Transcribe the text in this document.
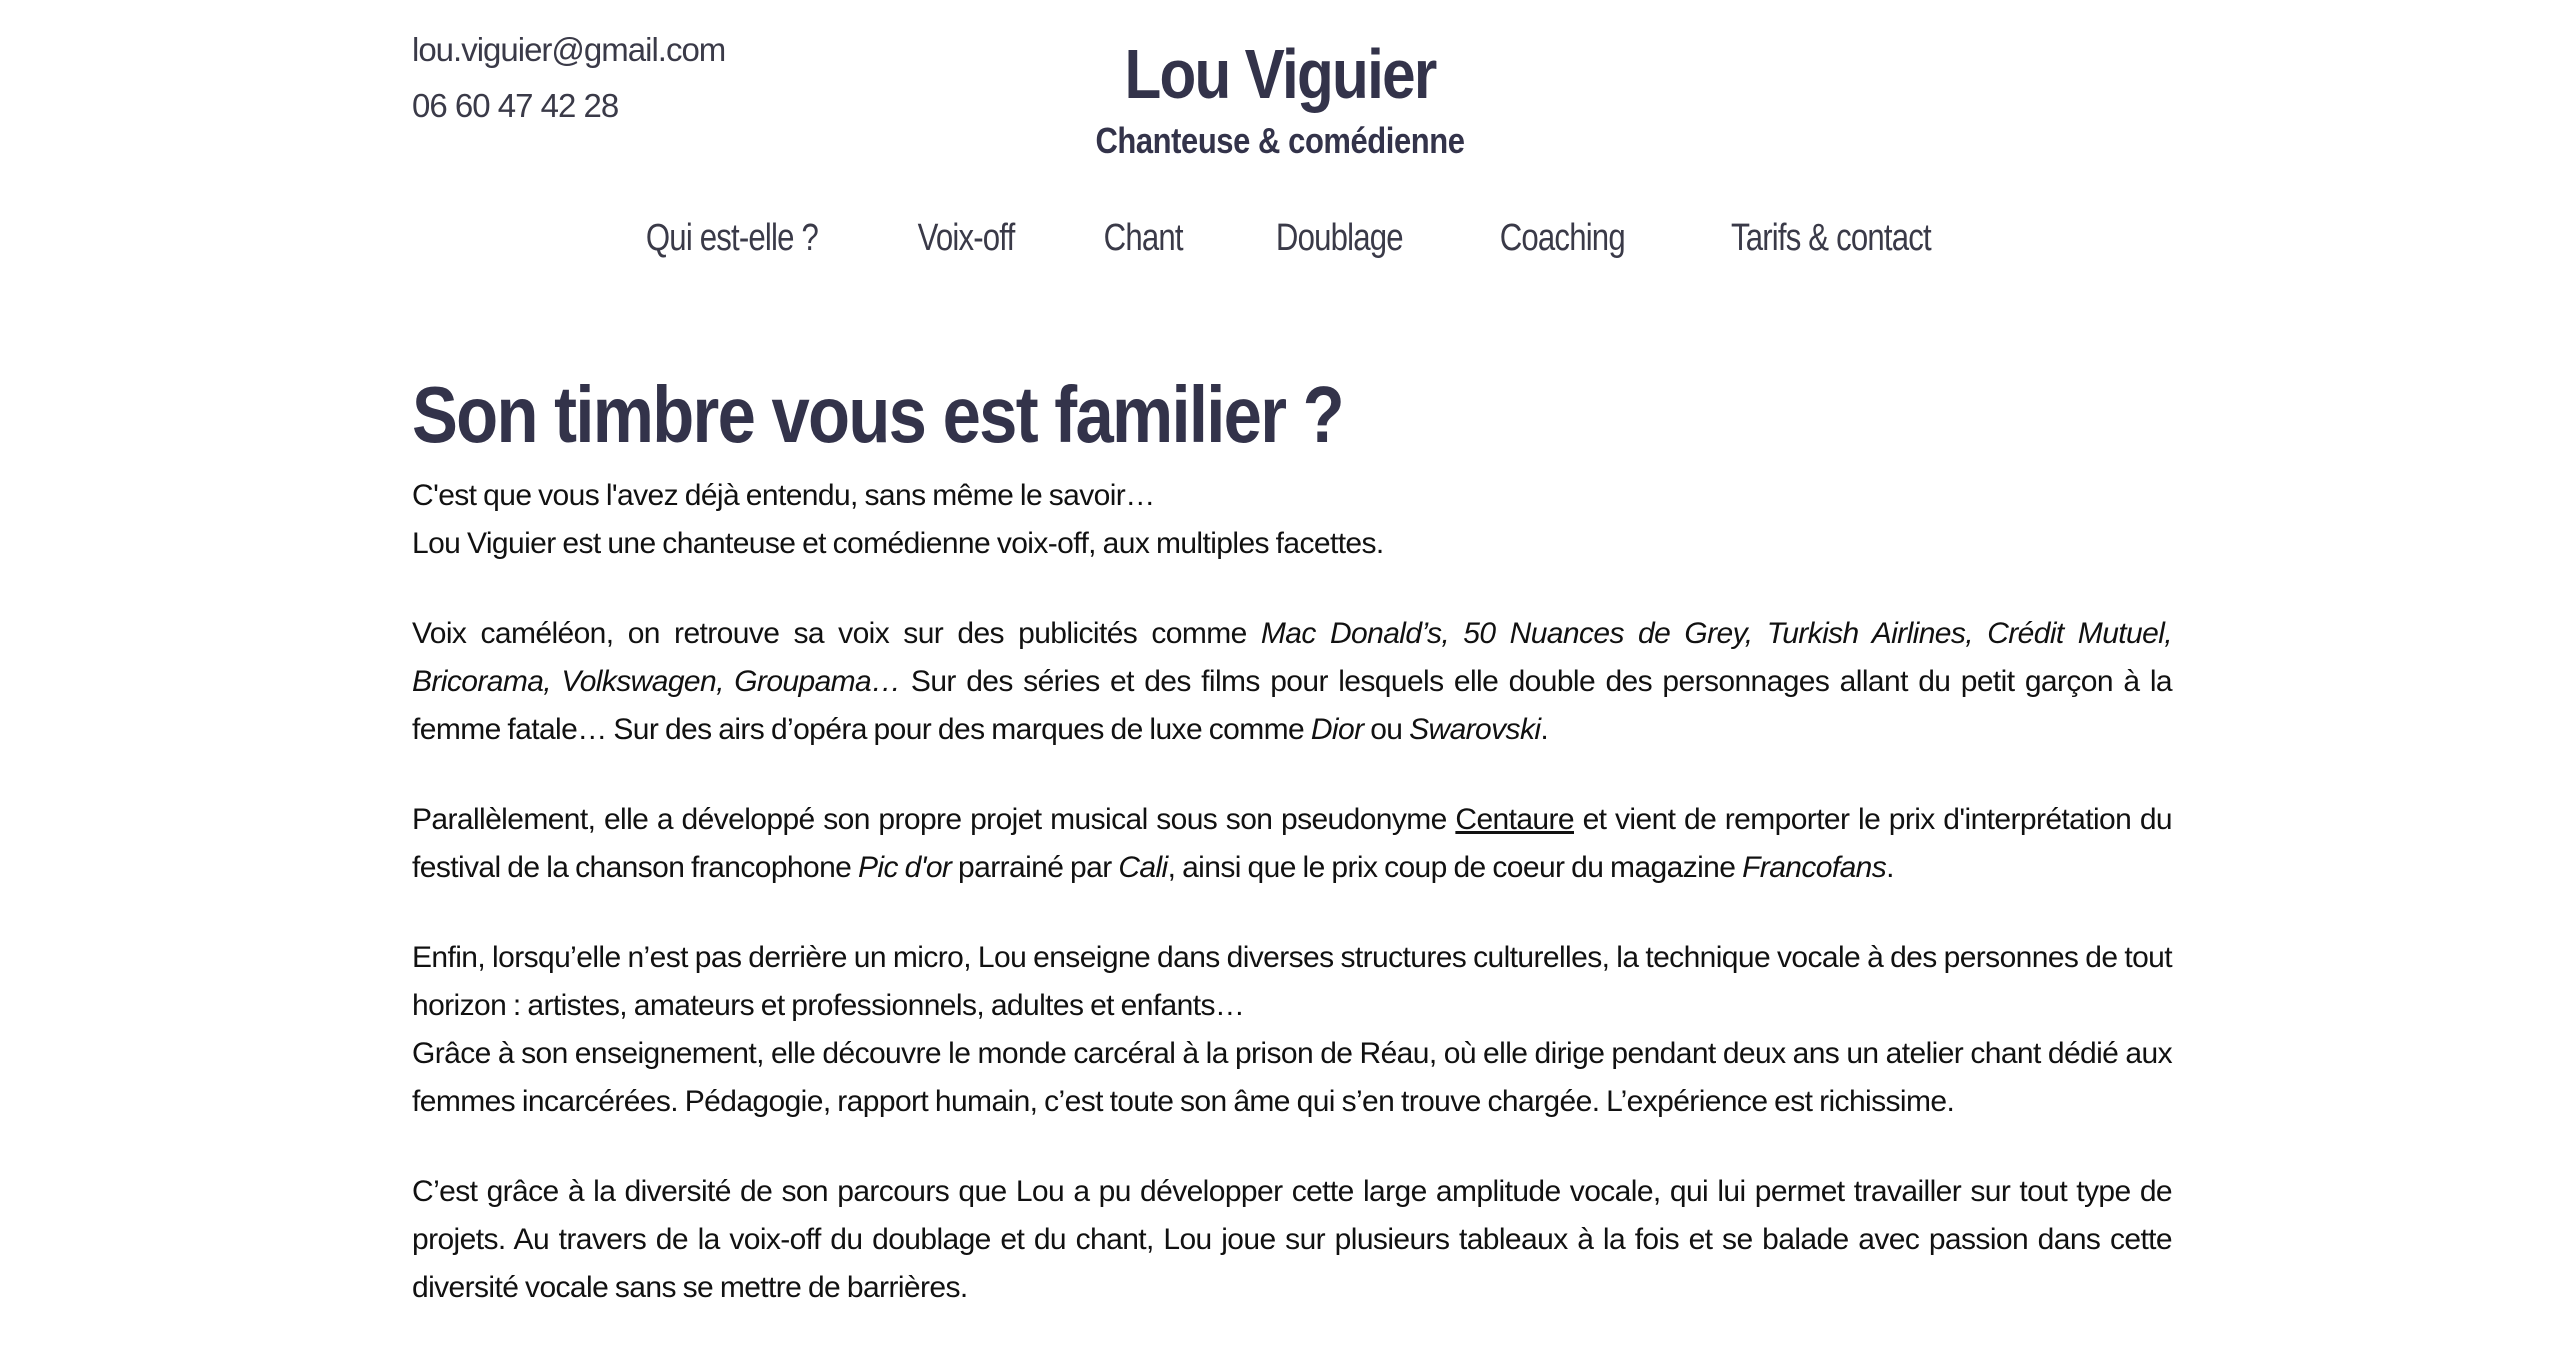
lou.viguier@gmail.com
06 60 47 42 28	Lou Viguier
Chanteuse & comédienne
Qui est-elle ?	Voix-off Chant Doublage	Coaching	Tarifs & contact
Son timbre vous est familier ?

C'est que vous l'avez déjà entendu, sans même le savoir…
Lou Viguier est une chanteuse et comédienne voix-off, aux multiples facettes.

Voix caméléon, on retrouve sa voix sur des publicités comme Mac Donald’s, 50 Nuances de Grey, Turkish Airlines, Crédit Mutuel, Bricorama, Volkswagen, Groupama… Sur des séries et des films pour lesquels elle double des personnages allant du petit garçon à la femme fatale… Sur des airs d’opéra pour des marques de luxe comme Dior ou Swarovski.

Parallèlement, elle a développé son propre projet musical sous son pseudonyme Centaure et vient de remporter le prix d'interprétation du festival de la chanson francophone Pic d'or parrainé par Cali, ainsi que le prix coup de coeur du magazine Francofans.

Enfin, lorsqu’elle n’est pas derrière un micro, Lou enseigne dans diverses structures culturelles, la technique vocale à des personnes de tout horizon : artistes, amateurs et professionnels, adultes et enfants…
Grâce à son enseignement, elle découvre le monde carcéral à la prison de Réau, où elle dirige pendant deux ans un atelier chant dédié aux femmes incarcérées. Pédagogie, rapport humain, c’est toute son âme qui s’en trouve chargée. L’expérience est richissime.

C’est grâce à la diversité de son parcours que Lou a pu développer cette large amplitude vocale, qui lui permet travailler sur tout type de projets. Au travers de la voix-off du doublage et du chant, Lou joue sur plusieurs tableaux à la fois et se balade avec passion dans cette diversité vocale sans se mettre de barrières.
